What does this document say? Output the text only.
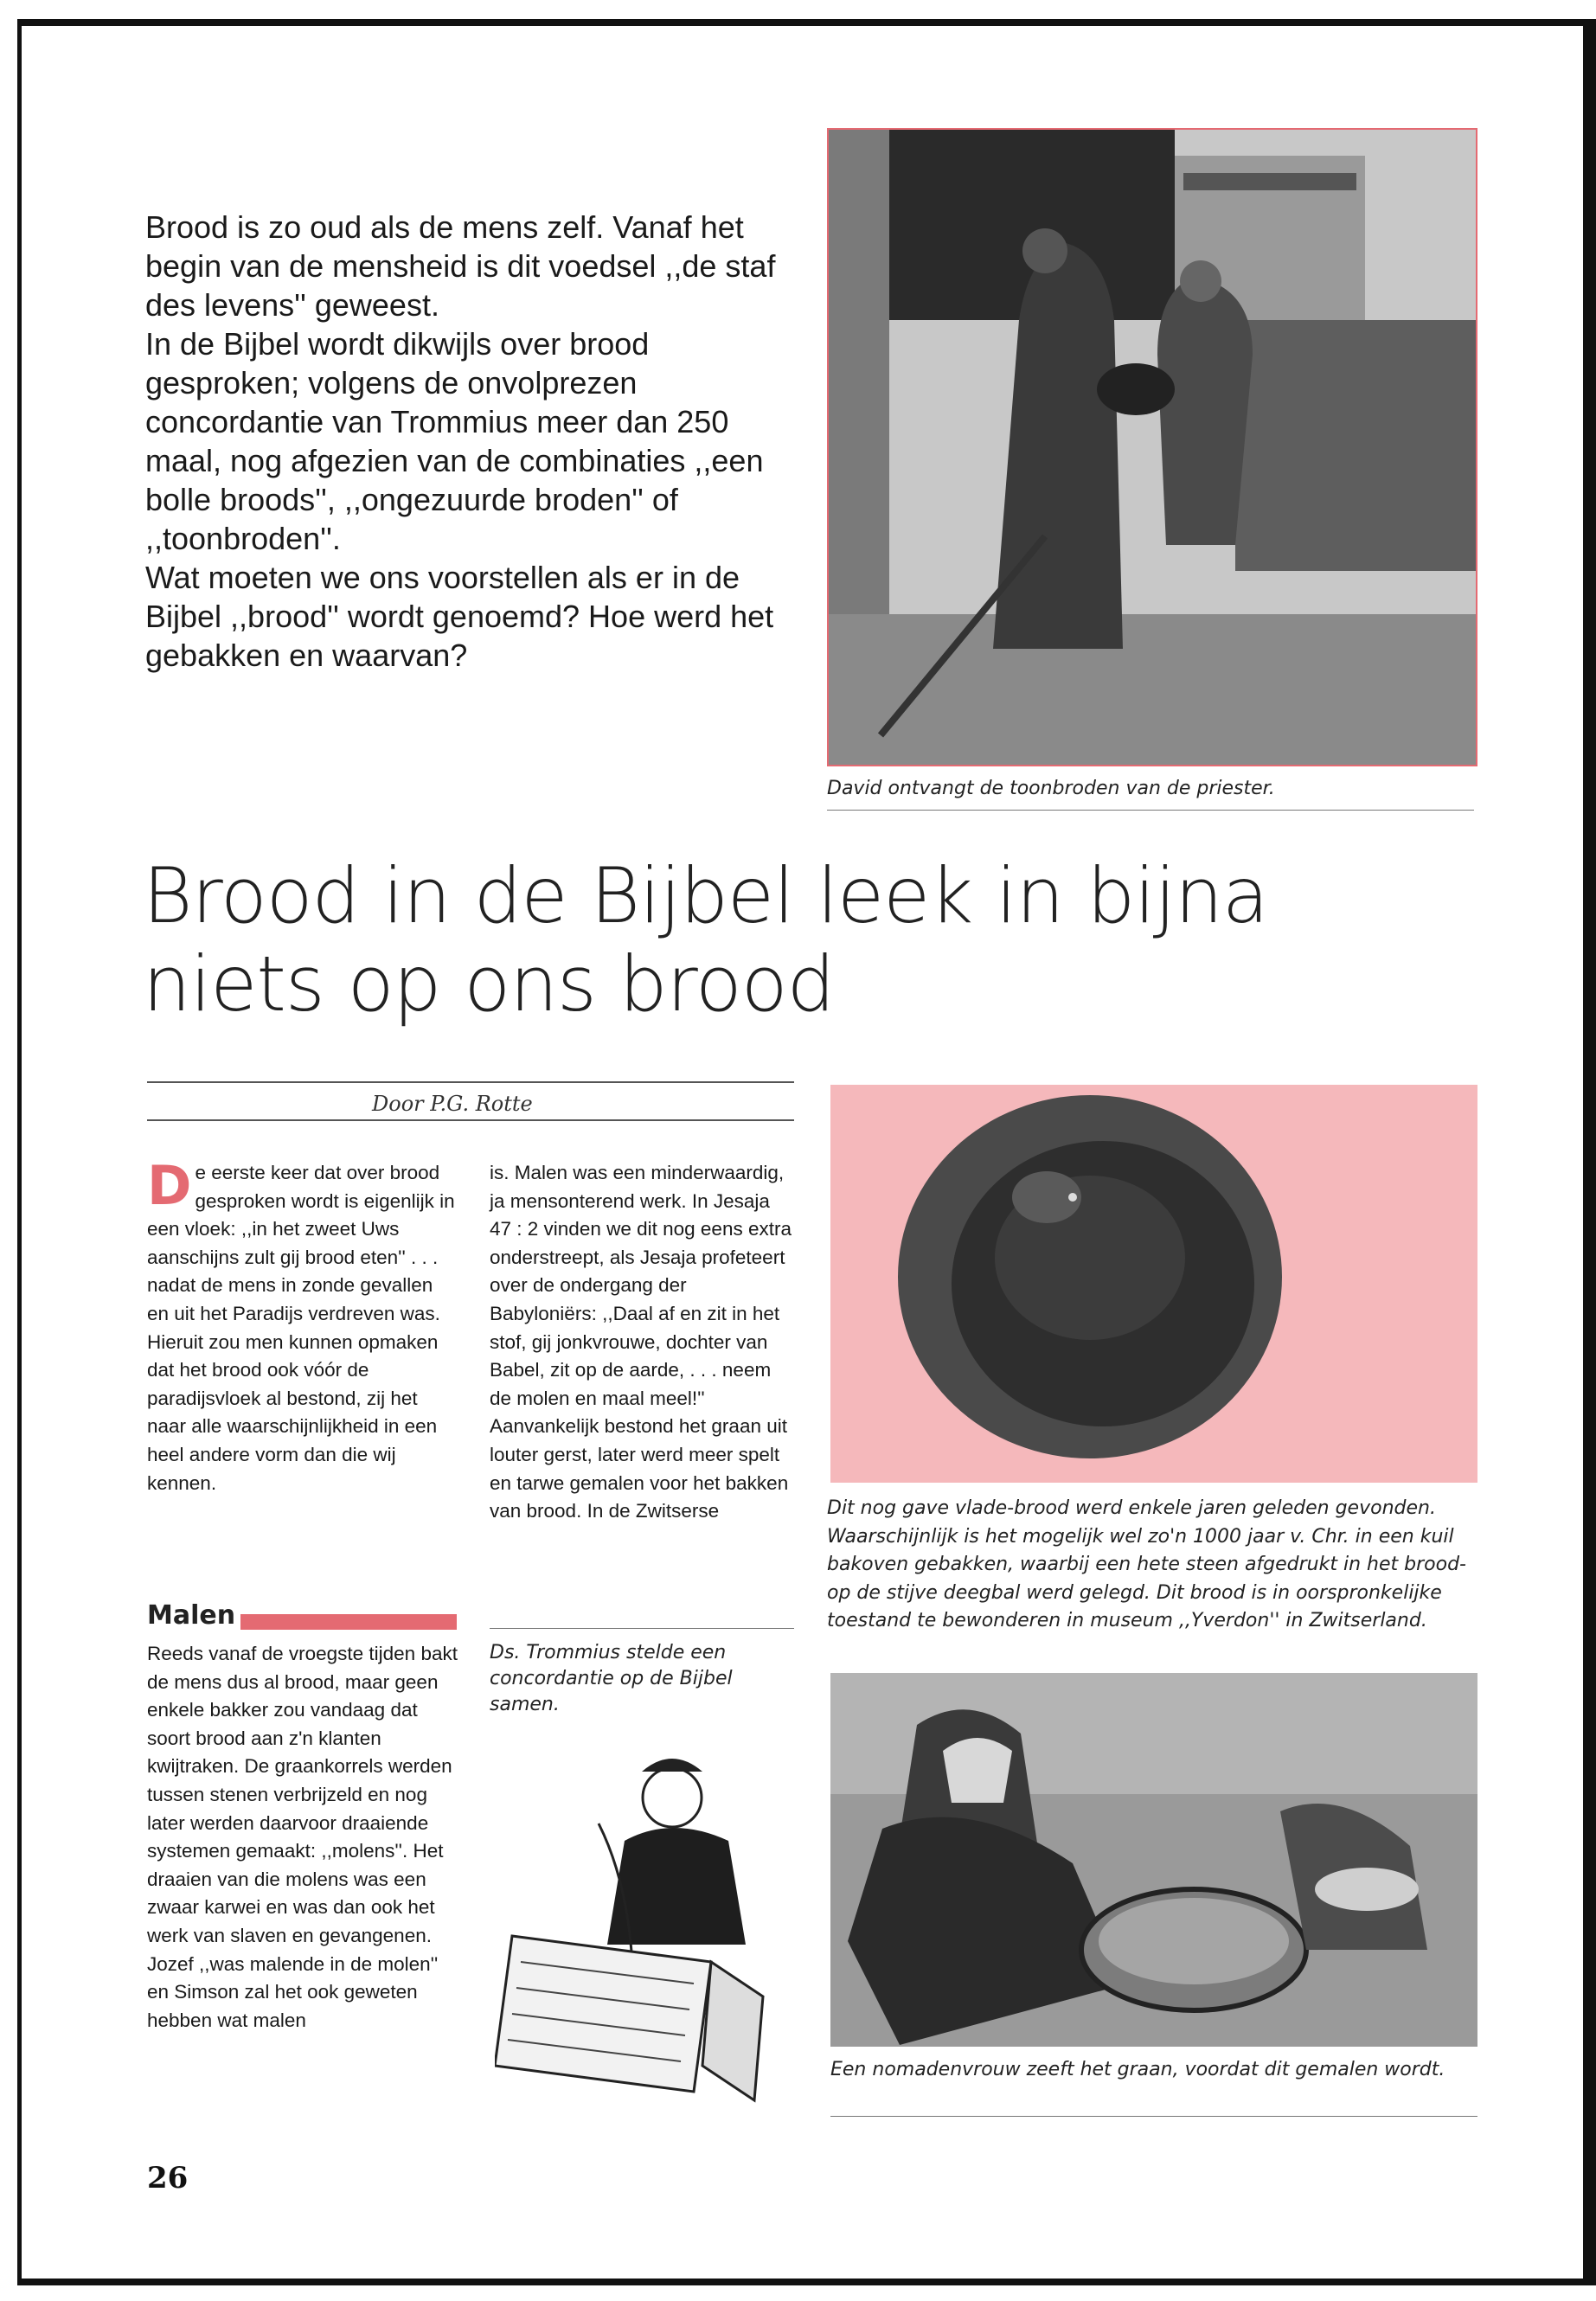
Brood is zo oud als de mens zelf. Vanaf het begin van de mensheid is dit voedsel ,,de staf des levens'' geweest.

In de Bijbel wordt dikwijls over brood gesproken; volgens de onvolprezen concordantie van Trommius meer dan 250 maal, nog afgezien van de combinaties ,,een bolle broods'', ,,ongezuurde broden'' of ,,toonbroden''.

Wat moeten we ons voorstellen als er in de Bijbel ,,brood'' wordt genoemd? Hoe werd het gebakken en waarvan?

David ontvangt de toonbroden van de priester.
Brood in de Bijbel leek in bijna
niets op ons brood
Door P.G. Rotte
D e eerste keer dat over brood gesproken wordt is eigenlijk in een vloek: ,,in het zweet Uws aanschijns zult gij brood eten'' . . . nadat de mens in zonde gevallen en uit het Paradijs verdreven was. Hieruit zou men kunnen opmaken dat het brood ook vóór de paradijsvloek al bestond, zij het naar alle waarschijnlijkheid in een heel andere vorm dan die wij kennen.

Malen

Reeds vanaf de vroegste tijden bakt de mens dus al brood, maar geen enkele bakker zou vandaag dat soort brood aan z'n klanten kwijtraken. De graankorrels werden tussen stenen verbrijzeld en nog later werden daarvoor draaiende systemen gemaakt: ,,molens''. Het draaien van die molens was een zwaar karwei en was dan ook het werk van slaven en gevangenen. Jozef ,,was malende in de molen'' en Simson zal het ook geweten hebben wat malen

is. Malen was een minderwaardig, ja mensonterend werk. In Jesaja 47 : 2 vinden we dit nog eens extra onderstreept, als Jesaja profeteert over de ondergang der Babyloniërs: ,,Daal af en zit in het stof, gij jonkvrouwe, dochter van Babel, zit op de aarde, . . . neem de molen en maal meel!'' Aanvankelijk bestond het graan uit louter gerst, later werd meer spelt en tarwe gemalen voor het bakken van brood. In de Zwitserse

Ds. Trommius stelde een concordantie op de Bijbel samen.
Dit nog gave vlade-brood werd enkele jaren geleden gevonden. Waarschijnlijk is het mogelijk wel zo'n 1000 jaar v. Chr. in een kuil bakoven gebakken, waarbij een hete steen afgedrukt in het brood- op de stijve deegbal werd gelegd. Dit brood is in oorspronkelijke toestand te bewonderen in museum ,,Yverdon'' in Zwitserland.
Een nomadenvrouw zeeft het graan, voordat dit gemalen wordt.
26
